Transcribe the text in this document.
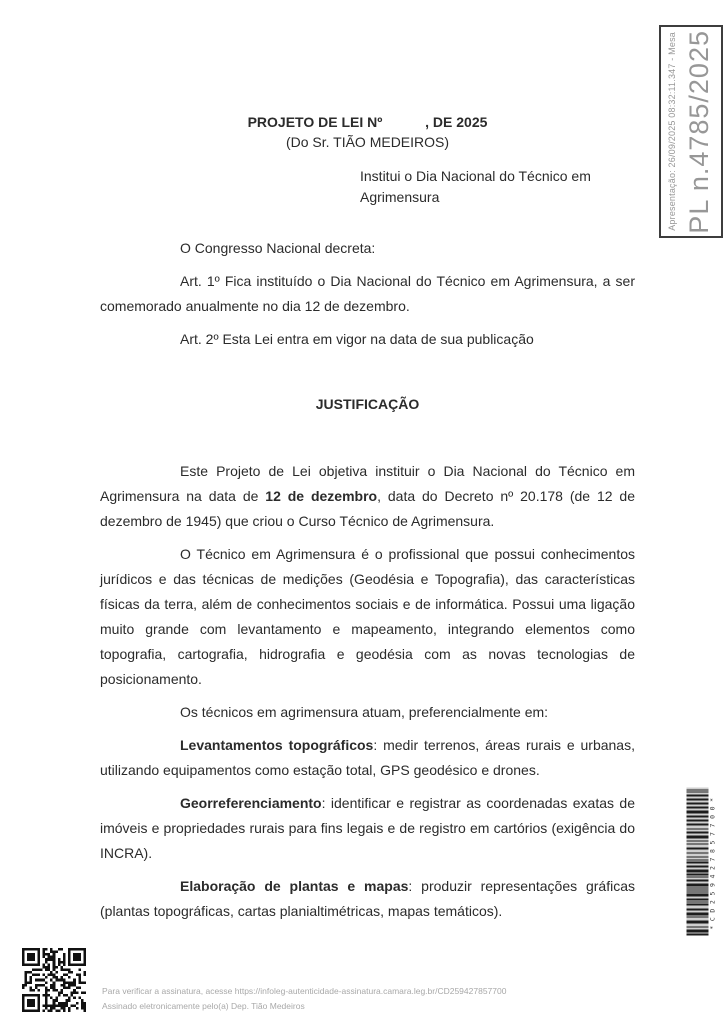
Apresentação: 26/09/2025 08:32:11.347 - Mesa PL n.4785/2025
PROJETO DE LEI Nº           , DE 2025
(Do Sr. TIÃO MEDEIROS)
Institui o Dia Nacional do Técnico em Agrimensura

O Congresso Nacional decreta:

Art. 1º Fica instituído o Dia Nacional do Técnico em Agrimensura, a ser comemorado anualmente no dia 12 de dezembro.

Art. 2º Esta Lei entra em vigor na data de sua publicação

JUSTIFICAÇÃO

Este Projeto de Lei objetiva instituir o Dia Nacional do Técnico em Agrimensura na data de 12 de dezembro, data do Decreto nº 20.178 (de 12 de dezembro de 1945) que criou o Curso Técnico de Agrimensura.

O Técnico em Agrimensura é o profissional que possui conhecimentos jurídicos e das técnicas de medições (Geodésia e Topografia), das características físicas da terra, além de conhecimentos sociais e de informática. Possui uma ligação muito grande com levantamento e mapeamento, integrando elementos como topografia, cartografia, hidrografia e geodésia com as novas tecnologias de posicionamento.

Os técnicos em agrimensura atuam, preferencialmente em:

Levantamentos topográficos: medir terrenos, áreas rurais e urbanas, utilizando equipamentos como estação total, GPS geodésico e drones.

Georreferenciamento: identificar e registrar as coordenadas exatas de imóveis e propriedades rurais para fins legais e de registro em cartórios (exigência do INCRA).

Elaboração de plantas e mapas: produzir representações gráficas (plantas topográficas, cartas planialtimétricas, mapas temáticos).

Para verificar a assinatura, acesse https://infoleg-autenticidade-assinatura.camara.leg.br/CD259427857700
Assinado eletronicamente pelo(a) Dep. Tião Medeiros
*CD259427857700*
